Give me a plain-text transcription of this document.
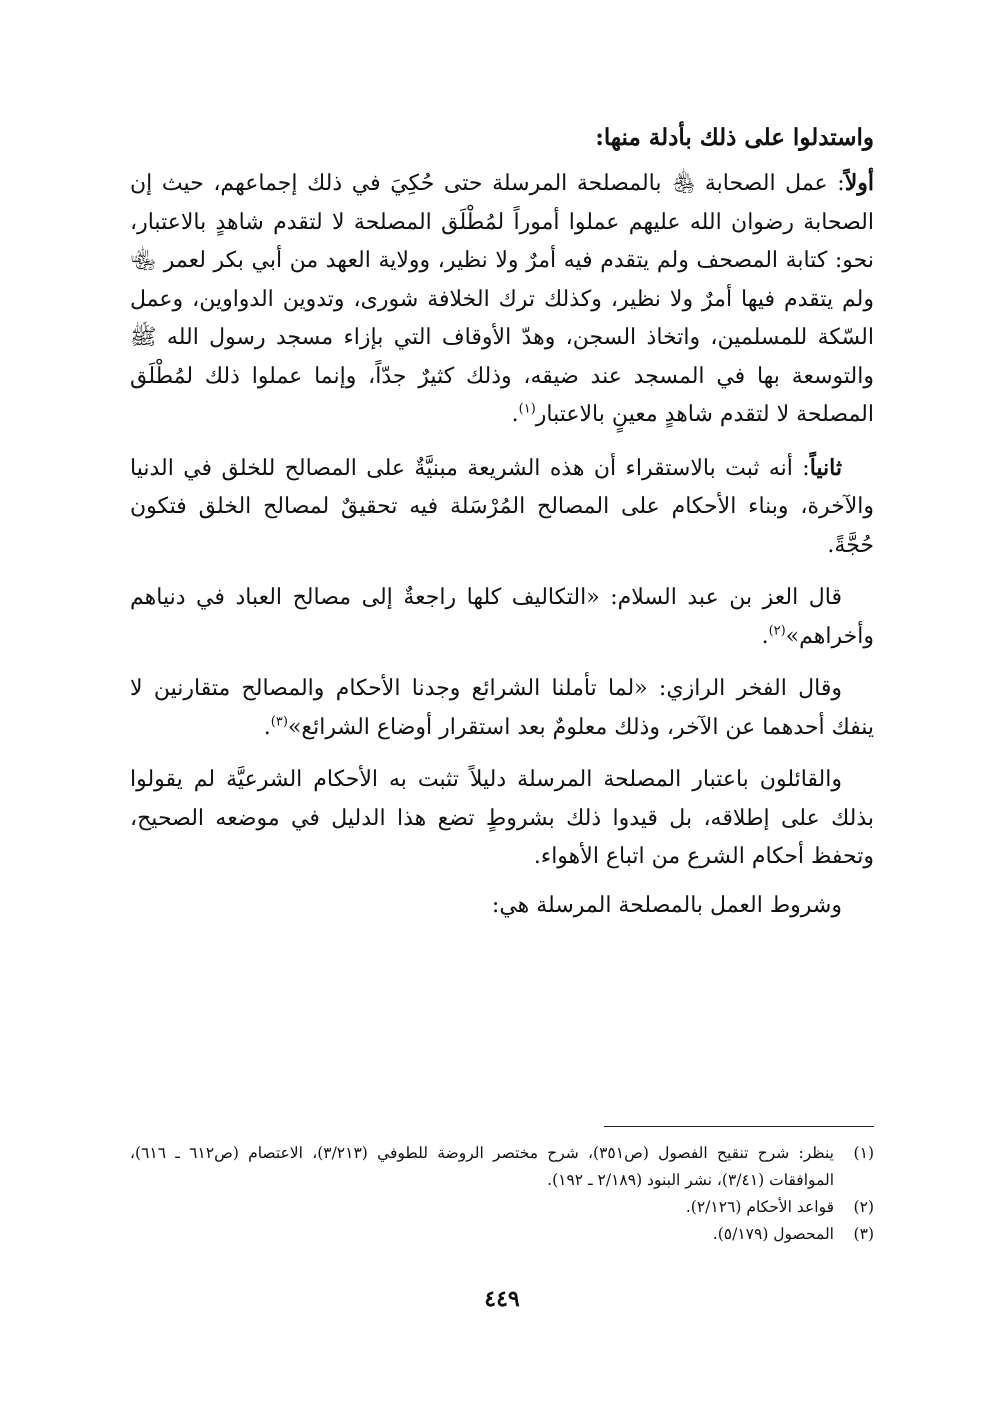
واستدلوا على ذلك بأدلة منها:

أولاً: عمل الصحابة ﵃ بالمصلحة المرسلة حتى حُكِيَ في ذلك إجماعهم، حيث إن الصحابة رضوان الله عليهم عملوا أموراً لمُطْلَق المصلحة لا لتقدم شاهدٍ بالاعتبار، نحو: كتابة المصحف ولم يتقدم فيه أمرٌ ولا نظير، وولاية العهد من أبي بكر لعمر ﵄ ولم يتقدم فيها أمرٌ ولا نظير، وكذلك ترك الخلافة شورى، وتدوين الدواوين، وعمل السّكة للمسلمين، واتخاذ السجن، وهدّ الأوقاف التي بإزاء مسجد رسول الله ﷺ والتوسعة بها في المسجد عند ضيقه، وذلك كثيرٌ جدّاً، وإنما عملوا ذلك لمُطْلَق المصلحة لا لتقدم شاهدٍ معينٍ بالاعتبار$^{(١)}$.

ثانياً: أنه ثبت بالاستقراء أن هذه الشريعة مبنيَّةٌ على المصالح للخلق في الدنيا والآخرة، وبناء الأحكام على المصالح المُرْسَلة فيه تحقيقٌ لمصالح الخلق فتكون حُجَّةً.

قال العز بن عبد السلام: «التكاليف كلها راجعةٌ إلى مصالح العباد في دنياهم وأخراهم»$^{(٢)}$.

وقال الفخر الرازي: «لما تأملنا الشرائع وجدنا الأحكام والمصالح متقارنين لا ينفك أحدهما عن الآخر، وذلك معلومٌ بعد استقرار أوضاع الشرائع»$^{(٣)}$.

والقائلون باعتبار المصلحة المرسلة دليلاً تثبت به الأحكام الشرعيَّة لم يقولوا بذلك على إطلاقه، بل قيدوا ذلك بشروطٍ تضع هذا الدليل في موضعه الصحيح، وتحفظ أحكام الشرع من اتباع الأهواء.

وشروط العمل بالمصلحة المرسلة هي:
(١)
ينظر: شرح تنقيح الفصول (ص٣٥١)، شرح مختصر الروضة للطوفي (٣/٢١٣)، الاعتصام (ص٦١٢ ـ ٦١٦)، الموافقات (٣/٤١)، نشر البنود (٢/١٨٩ ـ ١٩٢).
(٢)
قواعد الأحكام (٢/١٢٦).
(٣)
المحصول (٥/١٧٩).
٤٤٩
